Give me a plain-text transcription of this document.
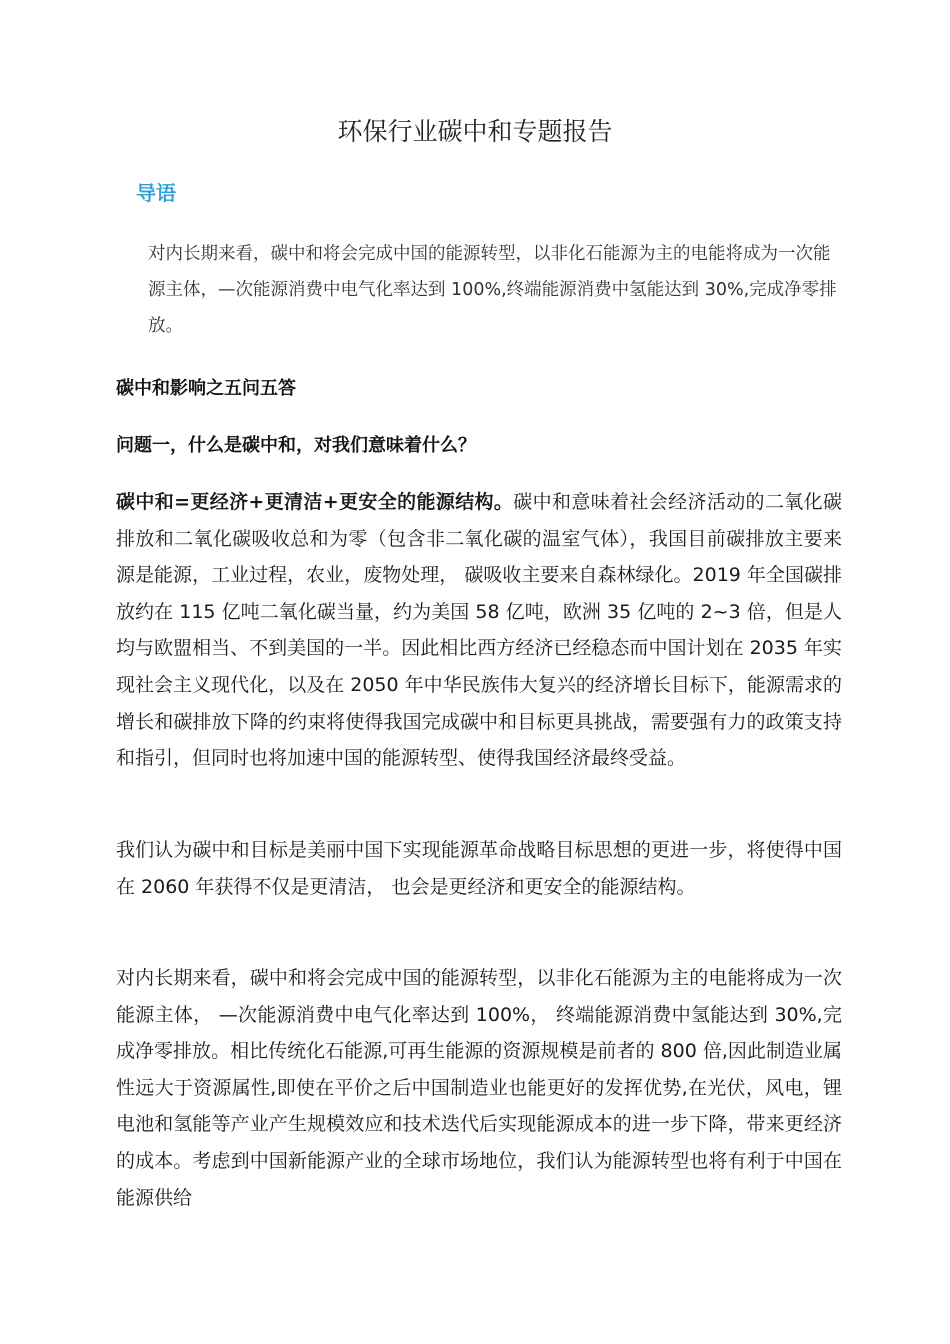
环保行业碳中和专题报告
导语
对内长期来看，碳中和将会完成中国的能源转型，以非化石能源为主的电能将成为一次能源主体，—次能源消费中电气化率达到 100%,终端能源消费中氢能达到 30%,完成净零排放。
碳中和影响之五问五答
问题一，什么是碳中和，对我们意味着什么？
碳中和=更经济+更清洁+更安全的能源结构。碳中和意味着社会经济活动的二氧化碳排放和二氧化碳吸收总和为零（包含非二氧化碳的温室气体），我国目前碳排放主要来源是能源，工业过程，农业，废物处理， 碳吸收主要来自森林绿化。2019 年全国碳排放约在 115 亿吨二氧化碳当量，约为美国 58 亿吨，欧洲 35 亿吨的 2~3 倍，但是人均与欧盟相当、不到美国的一半。因此相比西方经济已经稳态而中国计划在 2035 年实现社会主义现代化，以及在 2050 年中华民族伟大复兴的经济增长目标下，能源需求的增长和碳排放下降的约束将使得我国完成碳中和目标更具挑战，需要强有力的政策支持和指引，但同时也将加速中国的能源转型、使得我国经济最终受益。
我们认为碳中和目标是美丽中国下实现能源革命战略目标思想的更进一步，将使得中国在 2060 年获得不仅是更清洁， 也会是更经济和更安全的能源结构。
对内长期来看，碳中和将会完成中国的能源转型，以非化石能源为主的电能将成为一次能源主体， —次能源消费中电气化率达到 100%， 终端能源消费中氢能达到 30%,完成净零排放。相比传统化石能源,可再生能源的资源规模是前者的 800 倍,因此制造业属性远大于资源属性,即使在平价之后中国制造业也能更好的发挥优势,在光伏，风电，锂电池和氢能等产业产生规模效应和技术迭代后实现能源成本的进一步下降，带来更经济的成本。考虑到中国新能源产业的全球市场地位，我们认为能源转型也将有利于中国在能源供给
